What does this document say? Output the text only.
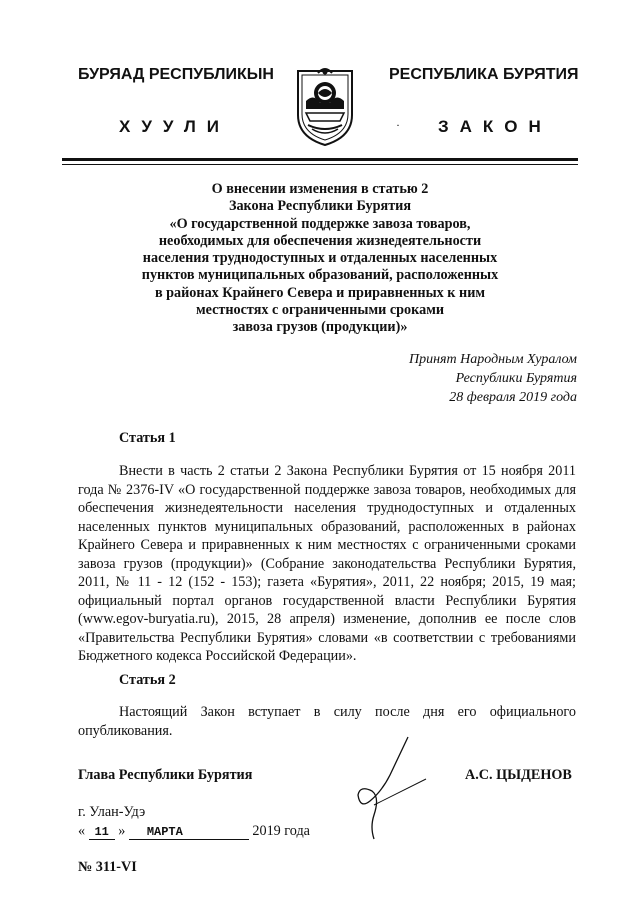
БУРЯАД РЕСПУБЛИКЫН	РЕСПУБЛИКА БУРЯТИЯ
ХУУЛИ	ЗАКОН
·
О внесении изменения в статью 2
Закона Республики Бурятия
«О государственной поддержке завоза товаров,
необходимых для обеспечения жизнедеятельности
населения труднодоступных и отдаленных населенных
пунктов муниципальных образований, расположенных
в районах Крайнего Севера и приравненных к ним
местностях с ограниченными сроками
завоза грузов (продукции)»
Принят Народным Хуралом
Республики Бурятия
28 февраля 2019 года
Статья 1

Внести в часть 2 статьи 2 Закона Республики Бурятия от 15 ноября 2011 года № 2376-IV «О государственной поддержке завоза товаров, необходимых для обеспечения жизнедеятельности населения труднодоступных и отдаленных населенных пунктов муниципальных образований, расположенных в районах Крайнего Севера и приравненных к ним местностях с ограниченными сроками завоза грузов (продукции)» (Собрание законодательства Республики Бурятия, 2011, № 11 - 12 (152 - 153); газета «Бурятия», 2011, 22 ноября; 2015, 19 мая; официальный портал органов государственной власти Республики Бурятия (www.egov-buryatia.ru), 2015, 28 апреля) изменение, дополнив ее после слов «Правительства Республики Бурятия» словами «в соответствии с требованиями Бюджетного кодекса Российской Федерации».

Статья 2

Настоящий Закон вступает в силу после дня его официального опубликования.

Глава Республики Бурятия	А.С. ЦЫДЕНОВ
г. Улан-Удэ
« 11 » МАРТА	2019 года
№ 311-VI
